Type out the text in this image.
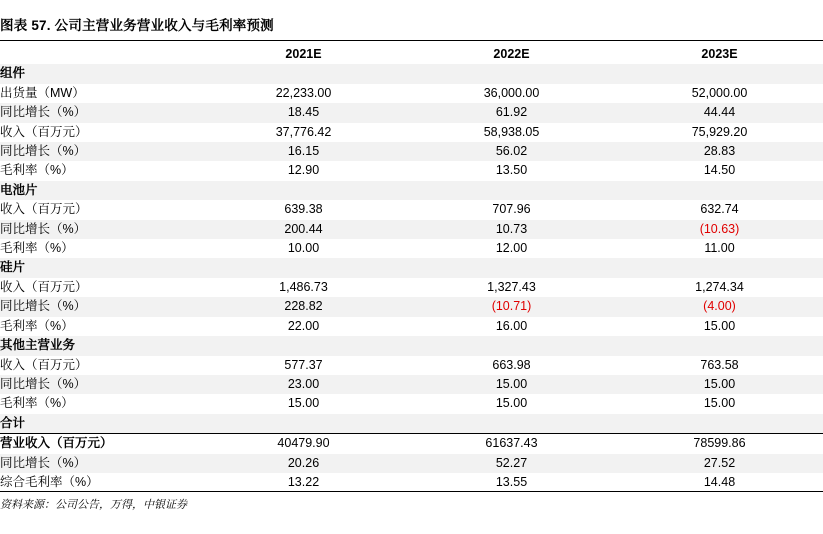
图表 57. 公司主营业务营业收入与毛利率预测
	2021E	2022E	2023E
组件			
出货量（MW）	22,233.00	36,000.00	52,000.00
同比增长（%）	18.45	61.92	44.44
收入（百万元）	37,776.42	58,938.05	75,929.20
同比增长（%）	16.15	56.02	28.83
毛利率（%）	12.90	13.50	14.50
电池片			
收入（百万元）	639.38	707.96	632.74
同比增长（%）	200.44	10.73	(10.63)
毛利率（%）	10.00	12.00	11.00
硅片			
收入（百万元）	1,486.73	1,327.43	1,274.34
同比增长（%）	228.82	(10.71)	(4.00)
毛利率（%）	22.00	16.00	15.00
其他主营业务			
收入（百万元）	577.37	663.98	763.58
同比增长（%）	23.00	15.00	15.00
毛利率（%）	15.00	15.00	15.00
合计			
营业收入（百万元）	40479.90	61637.43	78599.86
同比增长（%）	20.26	52.27	27.52
综合毛利率（%）	13.22	13.55	14.48
资料来源：公司公告，万得，中银证券
